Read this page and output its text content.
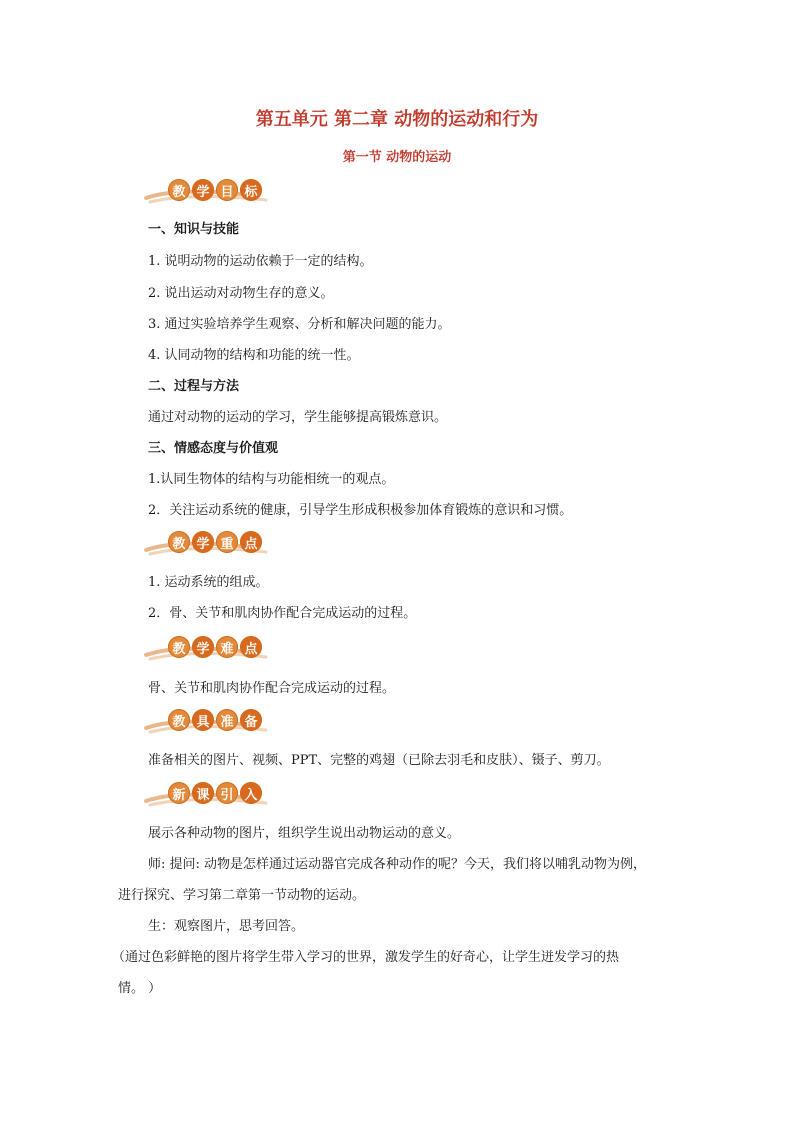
第五单元 第二章 动物的运动和行为
第一节 动物的运动
教 学 目 标
一、知识与技能
1. 说明动物的运动依赖于一定的结构。
2. 说出运动对动物生存的意义。
3. 通过实验培养学生观察、分析和解决问题的能力。
4. 认同动物的结构和功能的统一性。
二、过程与方法
通过对动物的运动的学习，学生能够提高锻炼意识。
三、情感态度与价值观
1.认同生物体的结构与功能相统一的观点。
2．关注运动系统的健康，引导学生形成积极参加体育锻炼的意识和习惯。
教 学 重 点
1. 运动系统的组成。
2．骨、关节和肌肉协作配合完成运动的过程。
教 学 难 点
骨、关节和肌肉协作配合完成运动的过程。
教 具 准 备
准备相关的图片、视频、PPT、完整的鸡翅（已除去羽毛和皮肤）、镊子、剪刀。
新 课 引 入
展示各种动物的图片，组织学生说出动物运动的意义。
师: 提问: 动物是怎样通过运动器官完成各种动作的呢？今天，我们将以哺乳动物为例，
进行探究、学习第二章第一节动物的运动。
生：观察图片，思考回答。
（通过色彩鲜艳的图片将学生带入学习的世界，激发学生的好奇心，让学生迸发学习的热
情。 ）
